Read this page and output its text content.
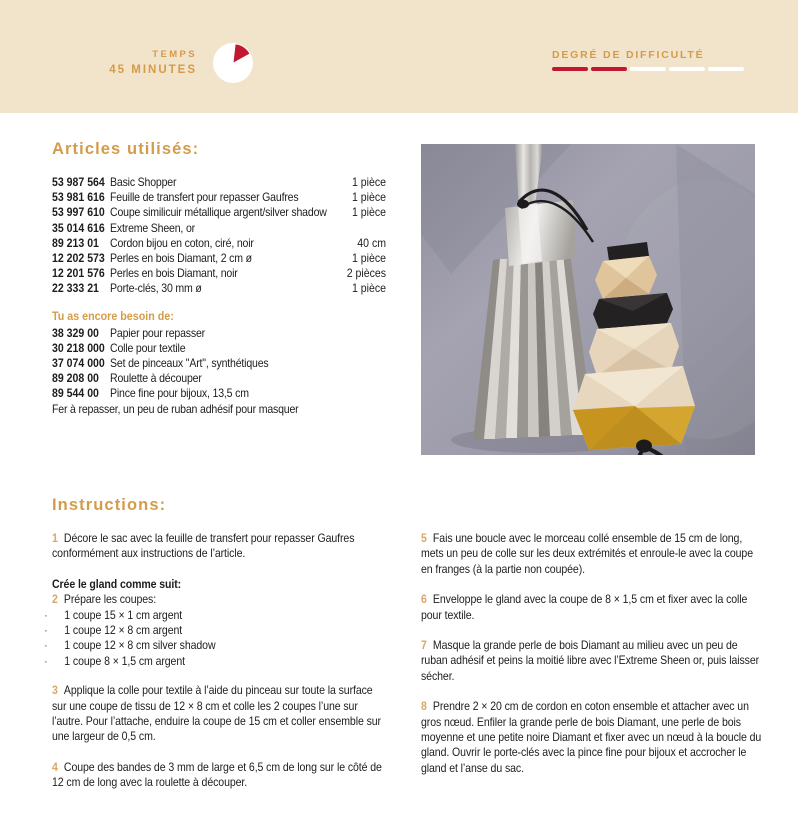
TEMPS
45 MINUTES
DEGRÉ DE DIFFICULTÉ
Articles utilisés:
53 987 564 Basic Shopper	1 pièce
53 981 616 Feuille de transfert pour repasser Gaufres	1 pièce
53 997 610 Coupe similicuir métallique argent/silver shadow	1 pièce
35 014 616 Extreme Sheen, or
89 213 01 Cordon bijou en coton, ciré, noir	40 cm
12 202 573 Perles en bois Diamant, 2 cm ø	1 pièce
12 201 576 Perles en bois Diamant, noir	2 pièces
22 333 21 Porte-clés, 30 mm ø	1 pièce
Tu as encore besoin de:
38 329 00 Papier pour repasser
30 218 000 Colle pour textile
37 074 000 Set de pinceaux "Art", synthétiques
89 208 00 Roulette à découper
89 544 00 Pince fine pour bijoux, 13,5 cm
Fer à repasser, un peu de ruban adhésif pour masquer
Instructions:

1 Décore le sac avec la feuille de transfert pour repasser Gaufres conformément aux instructions de l’article.

Crée le gland comme suit:

2 Prépare les coupes:

·	1 coupe 15 × 1 cm argent
·	1 coupe 12 × 8 cm argent
·	1 coupe 12 × 8 cm silver shadow
·	1 coupe 8 × 1,5 cm argent

3 Applique la colle pour textile à l’aide du pinceau sur toute la surface sur une coupe de tissu de 12 × 8 cm et colle les 2 coupes l’une sur l’autre. Pour l’attache, enduire la coupe de 15 cm et coller ensemble sur une largeur de 0,5 cm.

4 Coupe des bandes de 3 mm de large et 6,5 cm de long sur le côté de 12 cm de long avec la roulette à découper.

5 Fais une boucle avec le morceau collé ensemble de 15 cm de long, mets un peu de colle sur les deux extrémités et enroule-le avec la coupe en franges (à la partie non coupée).

6 Enveloppe le gland avec la coupe de 8 × 1,5 cm et fixer avec la colle pour textile.

7 Masque la grande perle de bois Diamant au milieu avec un peu de ruban adhésif et peins la moitié libre avec l’Extreme Sheen or, puis laisser sécher.

8 Prendre 2 × 20 cm de cordon en coton ensemble et attacher avec un gros nœud. Enfiler la grande perle de bois Diamant, une perle de bois moyenne et une petite noire Diamant et fixer avec un nœud à la boucle du gland. Ouvrir le porte-clés avec la pince fine pour bijoux et accrocher le gland et l’anse du sac.
